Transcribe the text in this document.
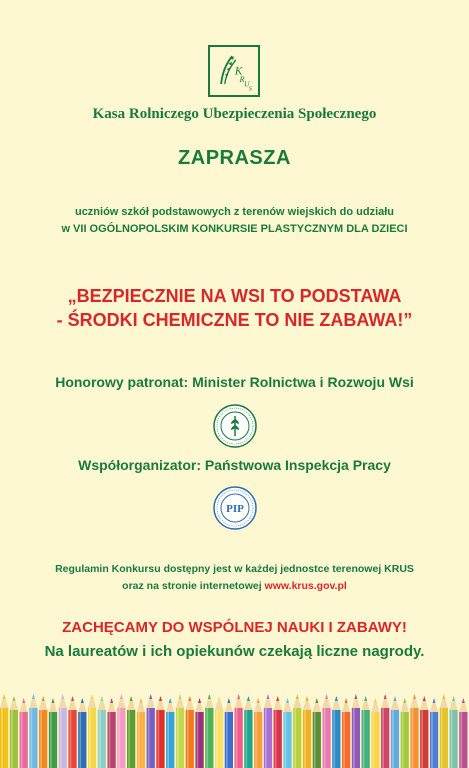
K
R
U
S
Kasa Rolniczego Ubezpieczenia Społecznego
ZAPRASZA
uczniów szkół podstawowych z terenów wiejskich do udziału
w VII OGÓLNOPOLSKIM KONKURSIE PLASTYCZNYM DLA DZIECI
„BEZPIECZNIE NA WSI TO PODSTAWA
- ŚRODKI CHEMICZNE TO NIE ZABAWA!”
Honorowy patronat: Minister Rolnictwa i Rozwoju Wsi
Współorganizator: Państwowa Inspekcja Pracy
PIP
Regulamin Konkursu dostępny jest w każdej jednostce terenowej KRUS
oraz na stronie internetowej www.krus.gov.pl
ZACHĘCAMY DO WSPÓLNEJ NAUKI I ZABAWY!
Na laureatów i ich opiekunów czekają liczne nagrody.
